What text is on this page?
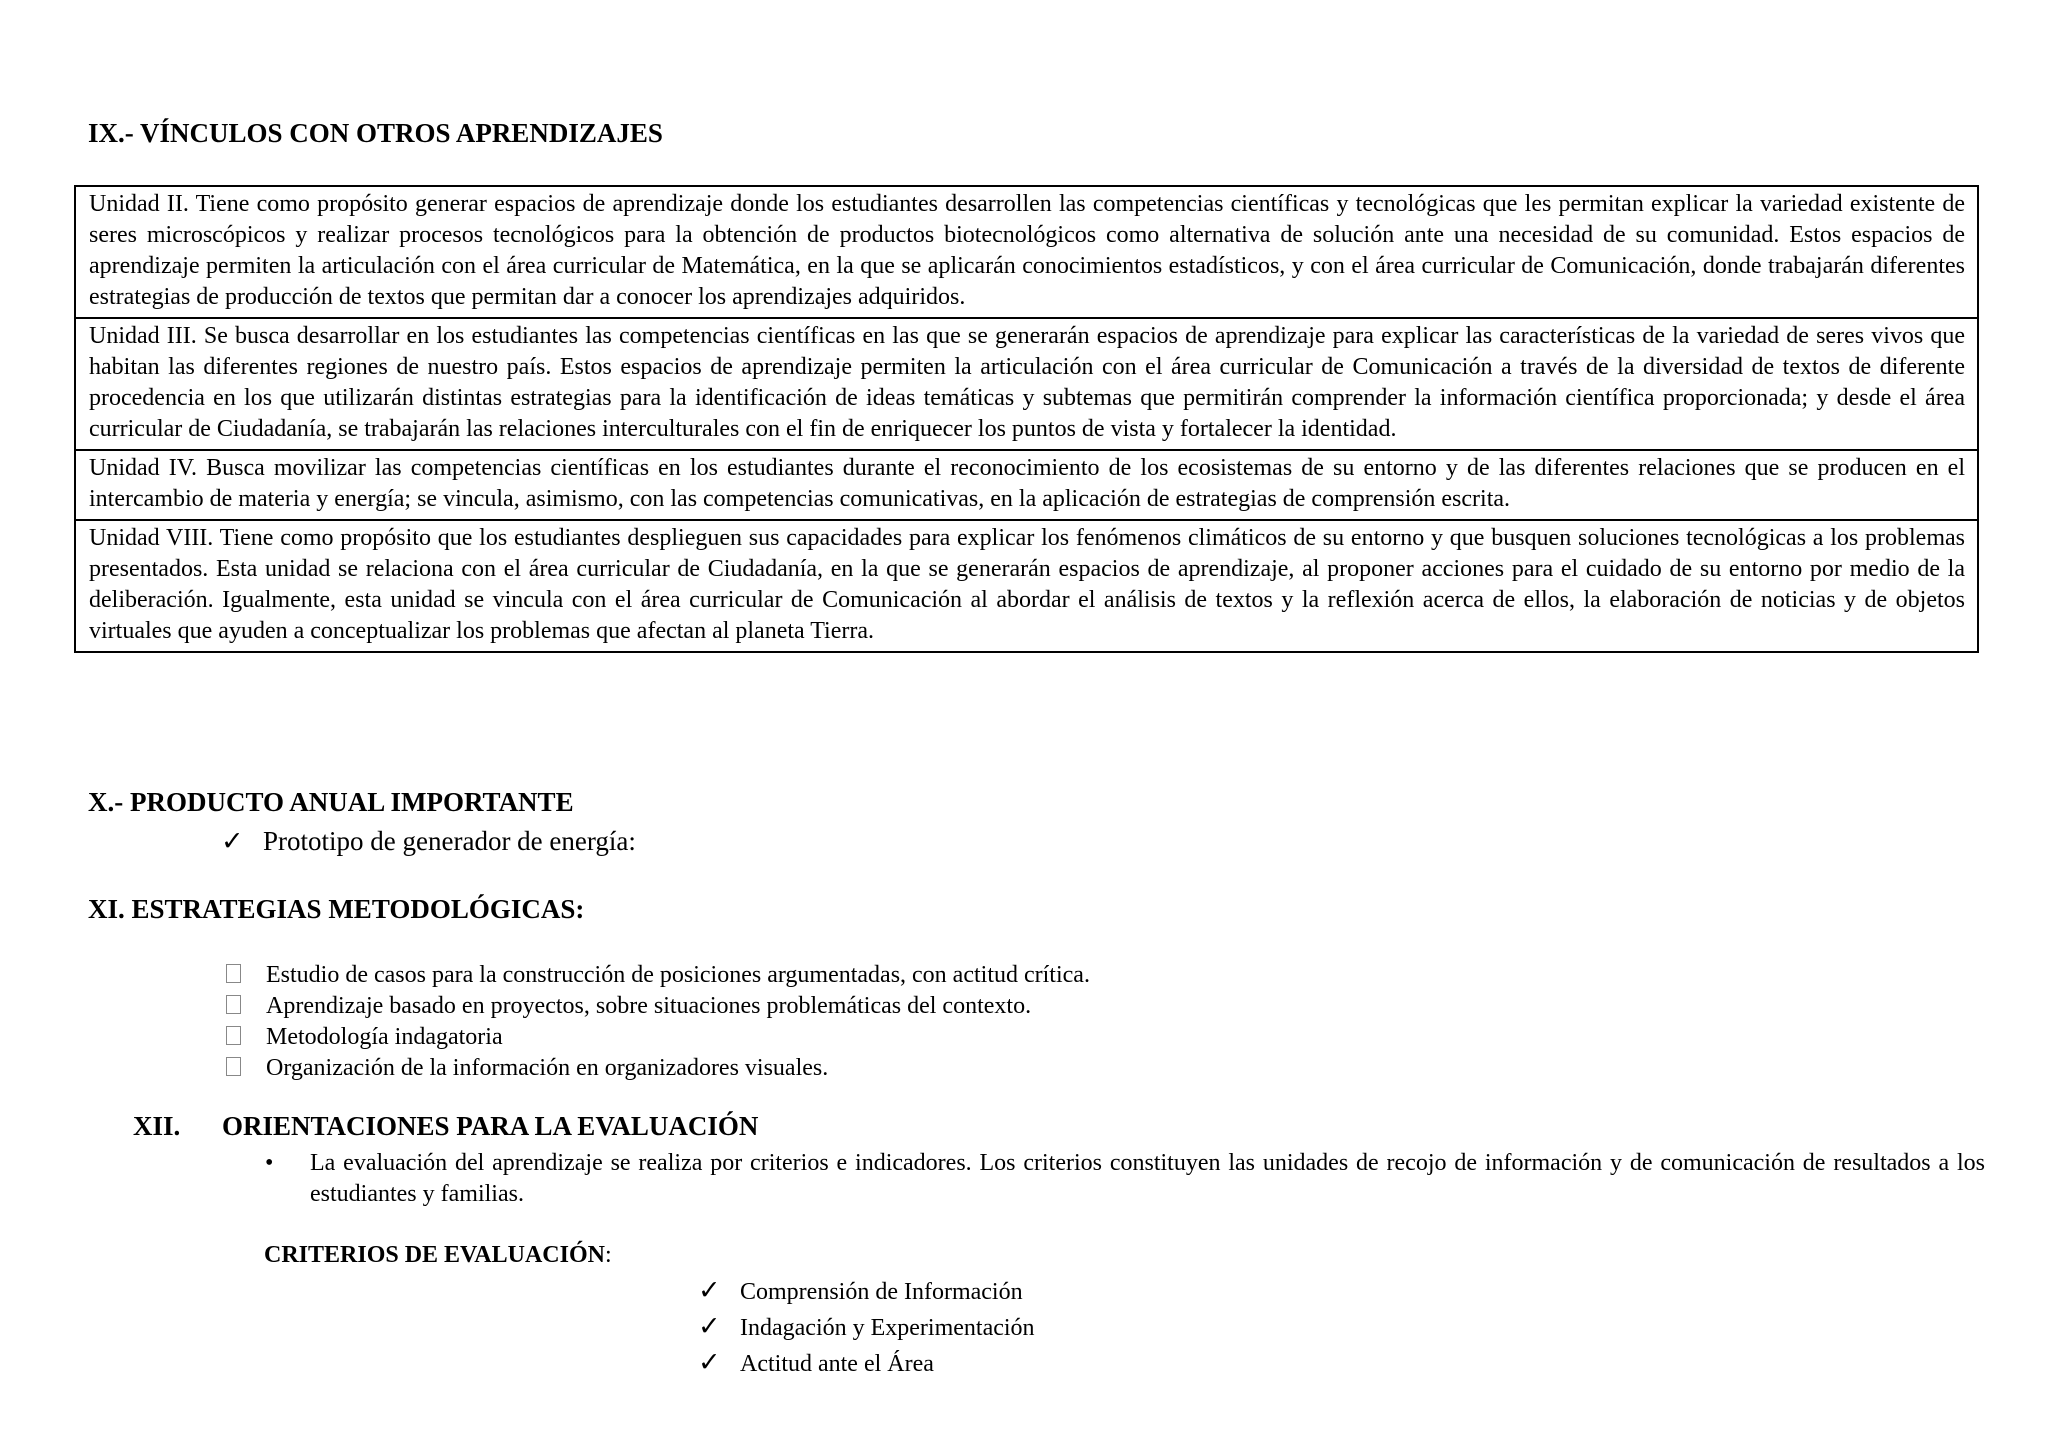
IX.- VÍNCULOS CON OTROS APRENDIZAJES
Unidad II. Tiene como propósito generar espacios de aprendizaje donde los estudiantes desarrollen las competencias científicas y tecnológicas que les permitan explicar la variedad existente de seres microscópicos y realizar procesos tecnológicos para la obtención de productos biotecnológicos como alternativa de solución ante una necesidad de su comunidad. Estos espacios de aprendizaje permiten la articulación con el área curricular de Matemática, en la que se aplicarán conocimientos estadísticos, y con el área curricular de Comunicación, donde trabajarán diferentes estrategias de producción de textos que permitan dar a conocer los aprendizajes adquiridos.
Unidad III. Se busca desarrollar en los estudiantes las competencias científicas en las que se generarán espacios de aprendizaje para explicar las características de la variedad de seres vivos que habitan las diferentes regiones de nuestro país. Estos espacios de aprendizaje permiten la articulación con el área curricular de Comunicación a través de la diversidad de textos de diferente procedencia en los que utilizarán distintas estrategias para la identificación de ideas temáticas y subtemas que permitirán comprender la información científica proporcionada; y desde el área curricular de Ciudadanía, se trabajarán las relaciones interculturales con el fin de enriquecer los puntos de vista y fortalecer la identidad.
Unidad IV. Busca movilizar las competencias científicas en los estudiantes durante el reconocimiento de los ecosistemas de su entorno y de las diferentes relaciones que se producen en el intercambio de materia y energía; se vincula, asimismo, con las competencias comunicativas, en la aplicación de estrategias de comprensión escrita.
Unidad VIII. Tiene como propósito que los estudiantes desplieguen sus capacidades para explicar los fenómenos climáticos de su entorno y que busquen soluciones tecnológicas a los problemas presentados. Esta unidad se relaciona con el área curricular de Ciudadanía, en la que se generarán espacios de aprendizaje, al proponer acciones para el cuidado de su entorno por medio de la deliberación. Igualmente, esta unidad se vincula con el área curricular de Comunicación al abordar el análisis de textos y la reflexión acerca de ellos, la elaboración de noticias y de objetos virtuales que ayuden a conceptualizar los problemas que afectan al planeta Tierra.
X.- PRODUCTO ANUAL IMPORTANTE
✓ Prototipo de generador de energía:
XI. ESTRATEGIAS METODOLÓGICAS:
Estudio de casos para la construcción de posiciones argumentadas, con actitud crítica.
Aprendizaje basado en proyectos, sobre situaciones problemáticas del contexto.
Metodología indagatoria
Organización de la información en organizadores visuales.
XII. ORIENTACIONES PARA LA EVALUACIÓN
• La evaluación del aprendizaje se realiza por criterios e indicadores. Los criterios constituyen las unidades de recojo de información y de comunicación de resultados a los estudiantes y familias.
CRITERIOS DE EVALUACIÓN:
✓ Comprensión de Información
✓ Indagación y Experimentación
✓ Actitud ante el Área
